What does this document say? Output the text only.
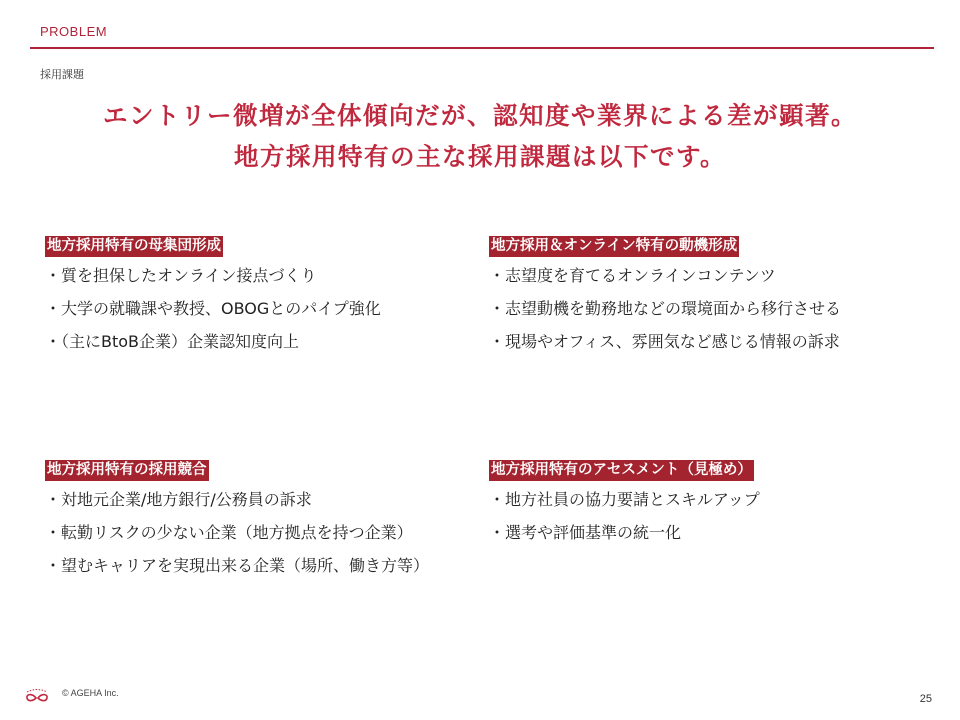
PROBLEM
採用課題
エントリー微増が全体傾向だが、認知度や業界による差が顕著。
地方採用特有の主な採用課題は以下です。
地方採用特有の母集団形成
・質を担保したオンライン接点づくり
・大学の就職課や教授、OBOGとのパイプ強化
・（主にBtoB企業）企業認知度向上
地方採用＆オンライン特有の動機形成
・志望度を育てるオンラインコンテンツ
・志望動機を勤務地などの環境面から移行させる
・現場やオフィス、雰囲気など感じる情報の訴求
地方採用特有の採用競合
・対地元企業/地方銀行/公務員の訴求
・転勤リスクの少ない企業（地方拠点を持つ企業）
・望むキャリアを実現出来る企業（場所、働き方等）
地方採用特有のアセスメント（見極め）
・地方社員の協力要請とスキルアップ
・選考や評価基準の統一化
© AGEHA Inc.	25
